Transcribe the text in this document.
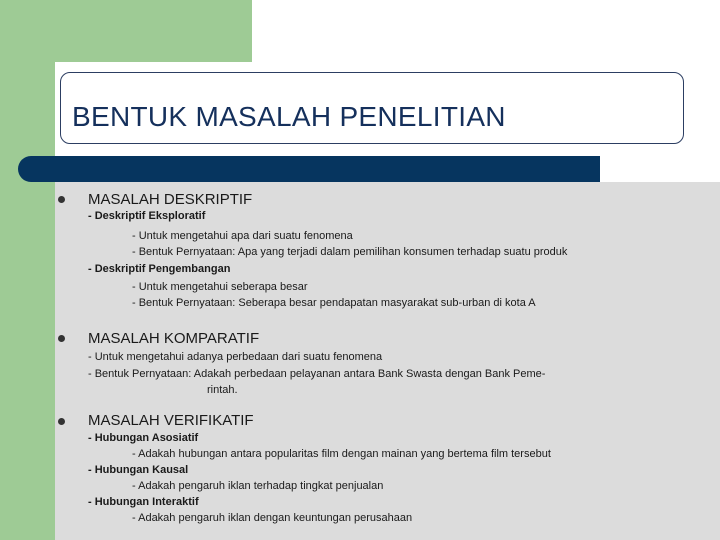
BENTUK MASALAH PENELITIAN
MASALAH DESKRIPTIF
- Deskriptif Eksploratif
- Untuk mengetahui apa dari suatu fenomena
- Bentuk Pernyataan: Apa yang terjadi dalam pemilihan konsumen terhadap suatu produk
- Deskriptif Pengembangan
- Untuk mengetahui seberapa besar
- Bentuk Pernyataan: Seberapa besar pendapatan masyarakat sub-urban di kota A
MASALAH KOMPARATIF
- Untuk mengetahui adanya perbedaan dari suatu fenomena
- Bentuk Pernyataan: Adakah perbedaan pelayanan antara Bank Swasta dengan Bank Peme-
rintah.
MASALAH VERIFIKATIF
- Hubungan Asosiatif
- Adakah hubungan antara popularitas film dengan mainan yang bertema film tersebut
- Hubungan Kausal
- Adakah pengaruh iklan terhadap tingkat penjualan
- Hubungan Interaktif
- Adakah pengaruh iklan dengan keuntungan perusahaan
